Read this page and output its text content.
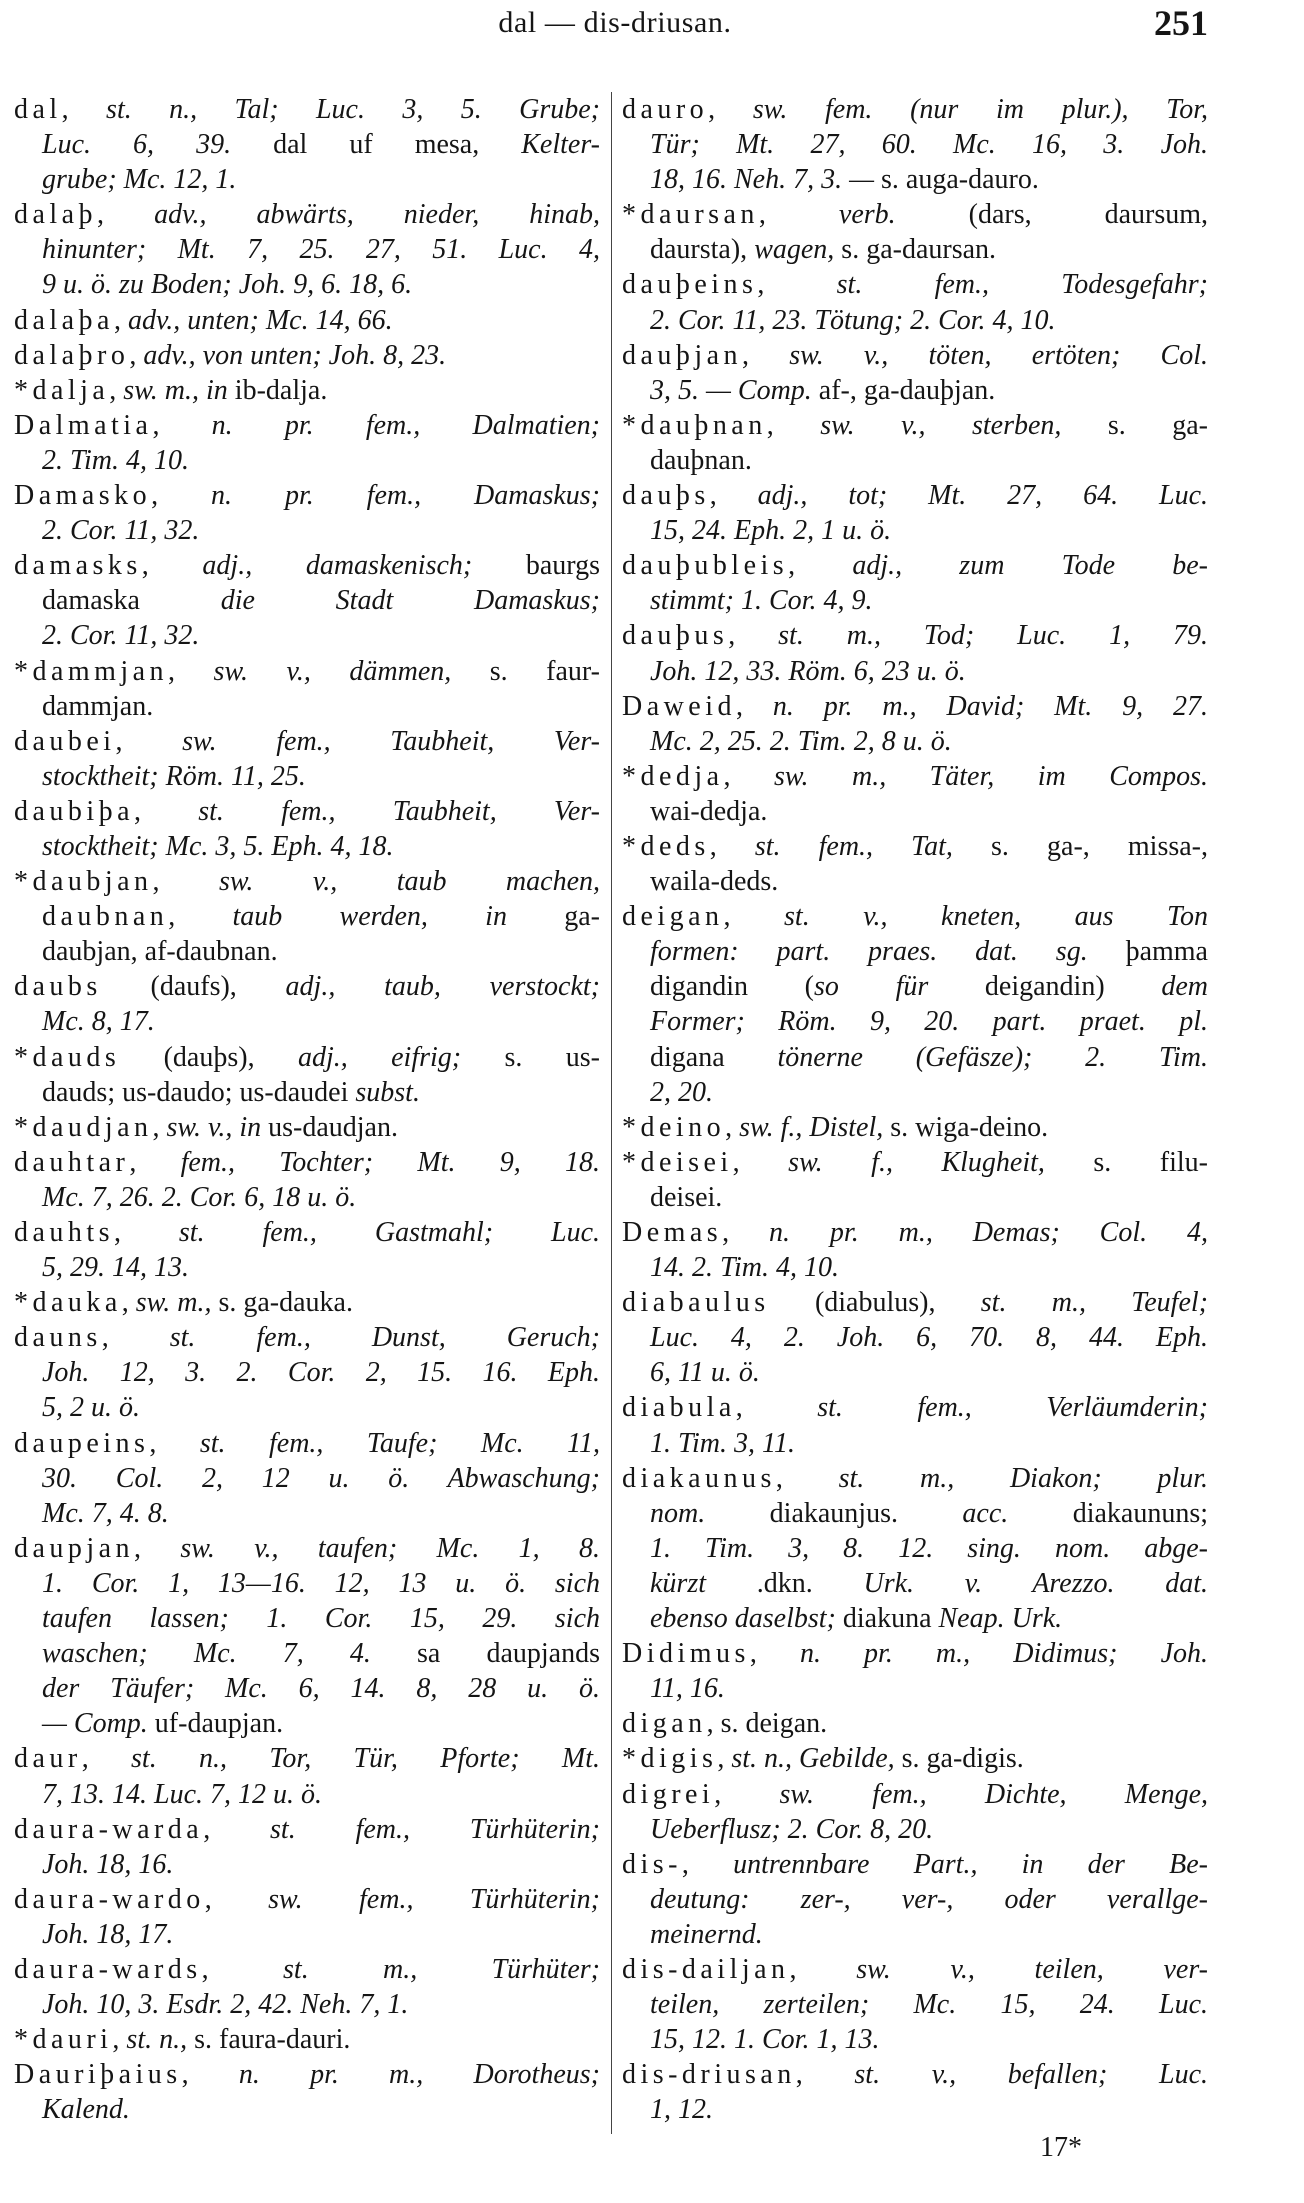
dal — dis-driusan.	251
dal, st. n., Tal; Luc. 3, 5. Grube;
Luc. 6, 39. dal uf mesa, Kelter-
grube; Mc. 12, 1.
dalaþ, adv., abwärts, nieder, hinab,
hinunter; Mt. 7, 25. 27, 51. Luc. 4,
9 u. ö. zu Boden; Joh. 9, 6. 18, 6.
dalaþa, adv., unten; Mc. 14, 66.
dalaþro, adv., von unten; Joh. 8, 23.
*dalja, sw. m., in ib-dalja.
Dalmatia, n. pr. fem., Dalmatien;
2. Tim. 4, 10.
Damasko, n. pr. fem., Damaskus;
2. Cor. 11, 32.
damasks, adj., damaskenisch; baurgs
damaska die Stadt Damaskus;
2. Cor. 11, 32.
*dammjan, sw. v., dämmen, s. faur-
dammjan.
daubei, sw. fem., Taubheit, Ver-
stocktheit; Röm. 11, 25.
daubiþa, st. fem., Taubheit, Ver-
stocktheit; Mc. 3, 5. Eph. 4, 18.
*daubjan, sw. v., taub machen,
daubnan, taub werden, in ga-
daubjan, af-daubnan.
daubs (daufs), adj., taub, verstockt;
Mc. 8, 17.
*dauds (dauþs), adj., eifrig; s. us-
dauds; us-daudo; us-daudei subst.
*daudjan, sw. v., in us-daudjan.
dauhtar, fem., Tochter; Mt. 9, 18.
Mc. 7, 26. 2. Cor. 6, 18 u. ö.
dauhts, st. fem., Gastmahl; Luc.
5, 29. 14, 13.
*dauka, sw. m., s. ga-dauka.
dauns, st. fem., Dunst, Geruch;
Joh. 12, 3. 2. Cor. 2, 15. 16. Eph.
5, 2 u. ö.
daupeins, st. fem., Taufe; Mc. 11,
30. Col. 2, 12 u. ö. Abwaschung;
Mc. 7, 4. 8.
daupjan, sw. v., taufen; Mc. 1, 8.
1. Cor. 1, 13—16. 12, 13 u. ö. sich
taufen lassen; 1. Cor. 15, 29. sich
waschen; Mc. 7, 4. sa daupjands
der Täufer; Mc. 6, 14. 8, 28 u. ö.
— Comp. uf-daupjan.
daur, st. n., Tor, Tür, Pforte; Mt.
7, 13. 14. Luc. 7, 12 u. ö.
daura-warda, st. fem., Türhüterin;
Joh. 18, 16.
daura-wardo, sw. fem., Türhüterin;
Joh. 18, 17.
daura-wards, st. m., Türhüter;
Joh. 10, 3. Esdr. 2, 42. Neh. 7, 1.
*dauri, st. n., s. faura-dauri.
Dauriþaius, n. pr. m., Dorotheus;
Kalend.
dauro, sw. fem. (nur im plur.), Tor,
Tür; Mt. 27, 60. Mc. 16, 3. Joh.
18, 16. Neh. 7, 3. — s. auga-dauro.
*daursan, verb. (dars, daursum,
daursta), wagen, s. ga-daursan.
dauþeins, st. fem., Todesgefahr;
2. Cor. 11, 23. Tötung; 2. Cor. 4, 10.
dauþjan, sw. v., töten, ertöten; Col.
3, 5. — Comp. af-, ga-dauþjan.
*dauþnan, sw. v., sterben, s. ga-
dauþnan.
dauþs, adj., tot; Mt. 27, 64. Luc.
15, 24. Eph. 2, 1 u. ö.
dauþubleis, adj., zum Tode be-
stimmt; 1. Cor. 4, 9.
dauþus, st. m., Tod; Luc. 1, 79.
Joh. 12, 33. Röm. 6, 23 u. ö.
Daweid, n. pr. m., David; Mt. 9, 27.
Mc. 2, 25. 2. Tim. 2, 8 u. ö.
*dedja, sw. m., Täter, im Compos.
wai-dedja.
*deds, st. fem., Tat, s. ga-, missa-,
waila-deds.
deigan, st. v., kneten, aus Ton
formen: part. praes. dat. sg. þamma
digandin (so für deigandin) dem
Former; Röm. 9, 20. part. praet. pl.
digana tönerne (Gefäsze); 2. Tim.
2, 20.
*deino, sw. f., Distel, s. wiga-deino.
*deisei, sw. f., Klugheit, s. filu-
deisei.
Demas, n. pr. m., Demas; Col. 4,
14. 2. Tim. 4, 10.
diabaulus (diabulus), st. m., Teufel;
Luc. 4, 2. Joh. 6, 70. 8, 44. Eph.
6, 11 u. ö.
diabula, st. fem., Verläumderin;
1. Tim. 3, 11.
diakaunus, st. m., Diakon; plur.
nom. diakaunjus. acc. diakaununs;
1. Tim. 3, 8. 12. sing. nom. abge-
kürzt .dkn. Urk. v. Arezzo. dat.
ebenso daselbst; diakuna Neap. Urk.
Didimus, n. pr. m., Didimus; Joh.
11, 16.
digan, s. deigan.
*digis, st. n., Gebilde, s. ga-digis.
digrei, sw. fem., Dichte, Menge,
Ueberflusz; 2. Cor. 8, 20.
dis-, untrennbare Part., in der Be-
deutung: zer-, ver-, oder verallge-
meinernd.
dis-dailjan, sw. v., teilen, ver-
teilen, zerteilen; Mc. 15, 24. Luc.
15, 12. 1. Cor. 1, 13.
dis-driusan, st. v., befallen; Luc.
1, 12.
17*
